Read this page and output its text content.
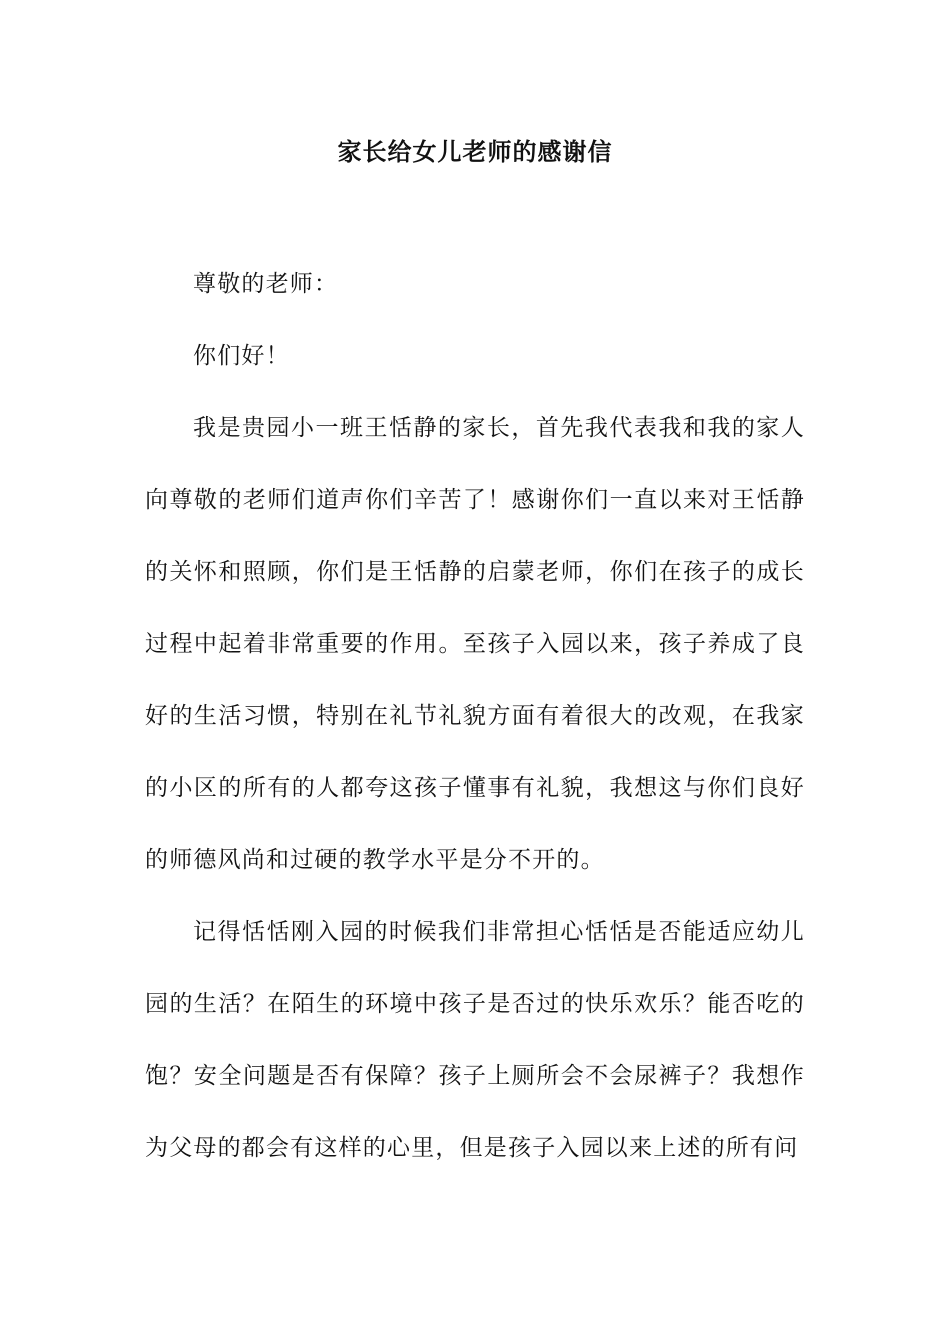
家长给女儿老师的感谢信

尊敬的老师：

你们好！

我是贵园小一班王恬静的家长，首先我代表我和我的家人向尊敬的老师们道声你们辛苦了！感谢你们一直以来对王恬静的关怀和照顾，你们是王恬静的启蒙老师，你们在孩子的成长过程中起着非常重要的作用。至孩子入园以来，孩子养成了良好的生活习惯，特别在礼节礼貌方面有着很大的改观，在我家的小区的所有的人都夸这孩子懂事有礼貌，我想这与你们良好的师德风尚和过硬的教学水平是分不开的。

记得恬恬刚入园的时候我们非常担心恬恬是否能适应幼儿园的生活？在陌生的环境中孩子是否过的快乐欢乐？能否吃的饱？安全问题是否有保障？孩子上厕所会不会尿裤子？我想作为父母的都会有这样的心里，但是孩子入园以来上述的所有问
